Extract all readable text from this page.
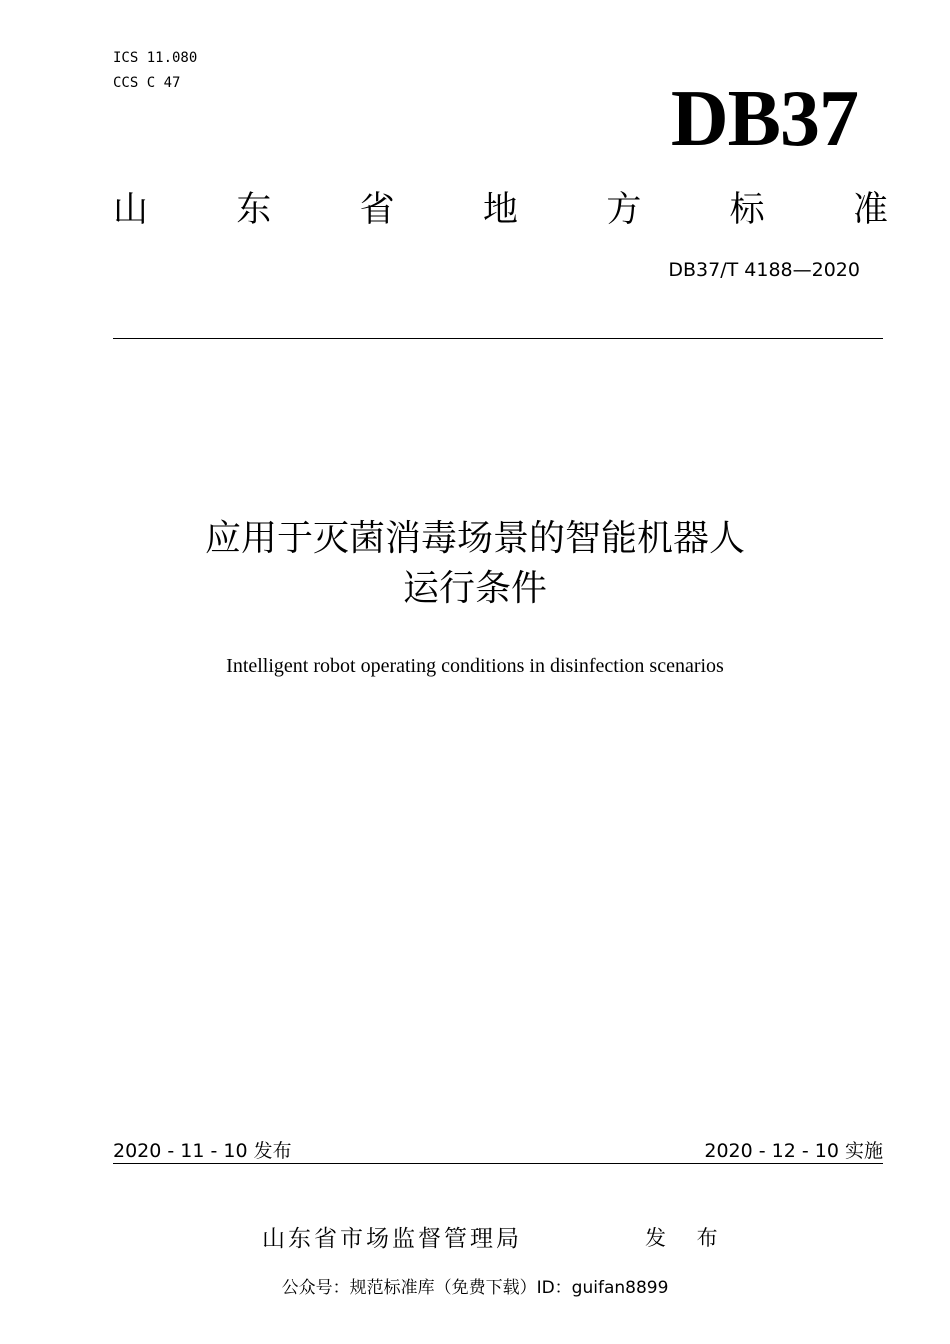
ICS 11.080
CCS C 47	DB37
山	东	省	地	方	标	准
DB37/T 4188—2020
应用于灭菌消毒场景的智能机器人
运行条件
Intelligent robot operating conditions in disinfection scenarios
2020 - 11 - 10 发布	2020 - 12 - 10 实施
山东省市场监督管理局	发 布
公众号：规范标准库（免费下载）ID：guifan8899
